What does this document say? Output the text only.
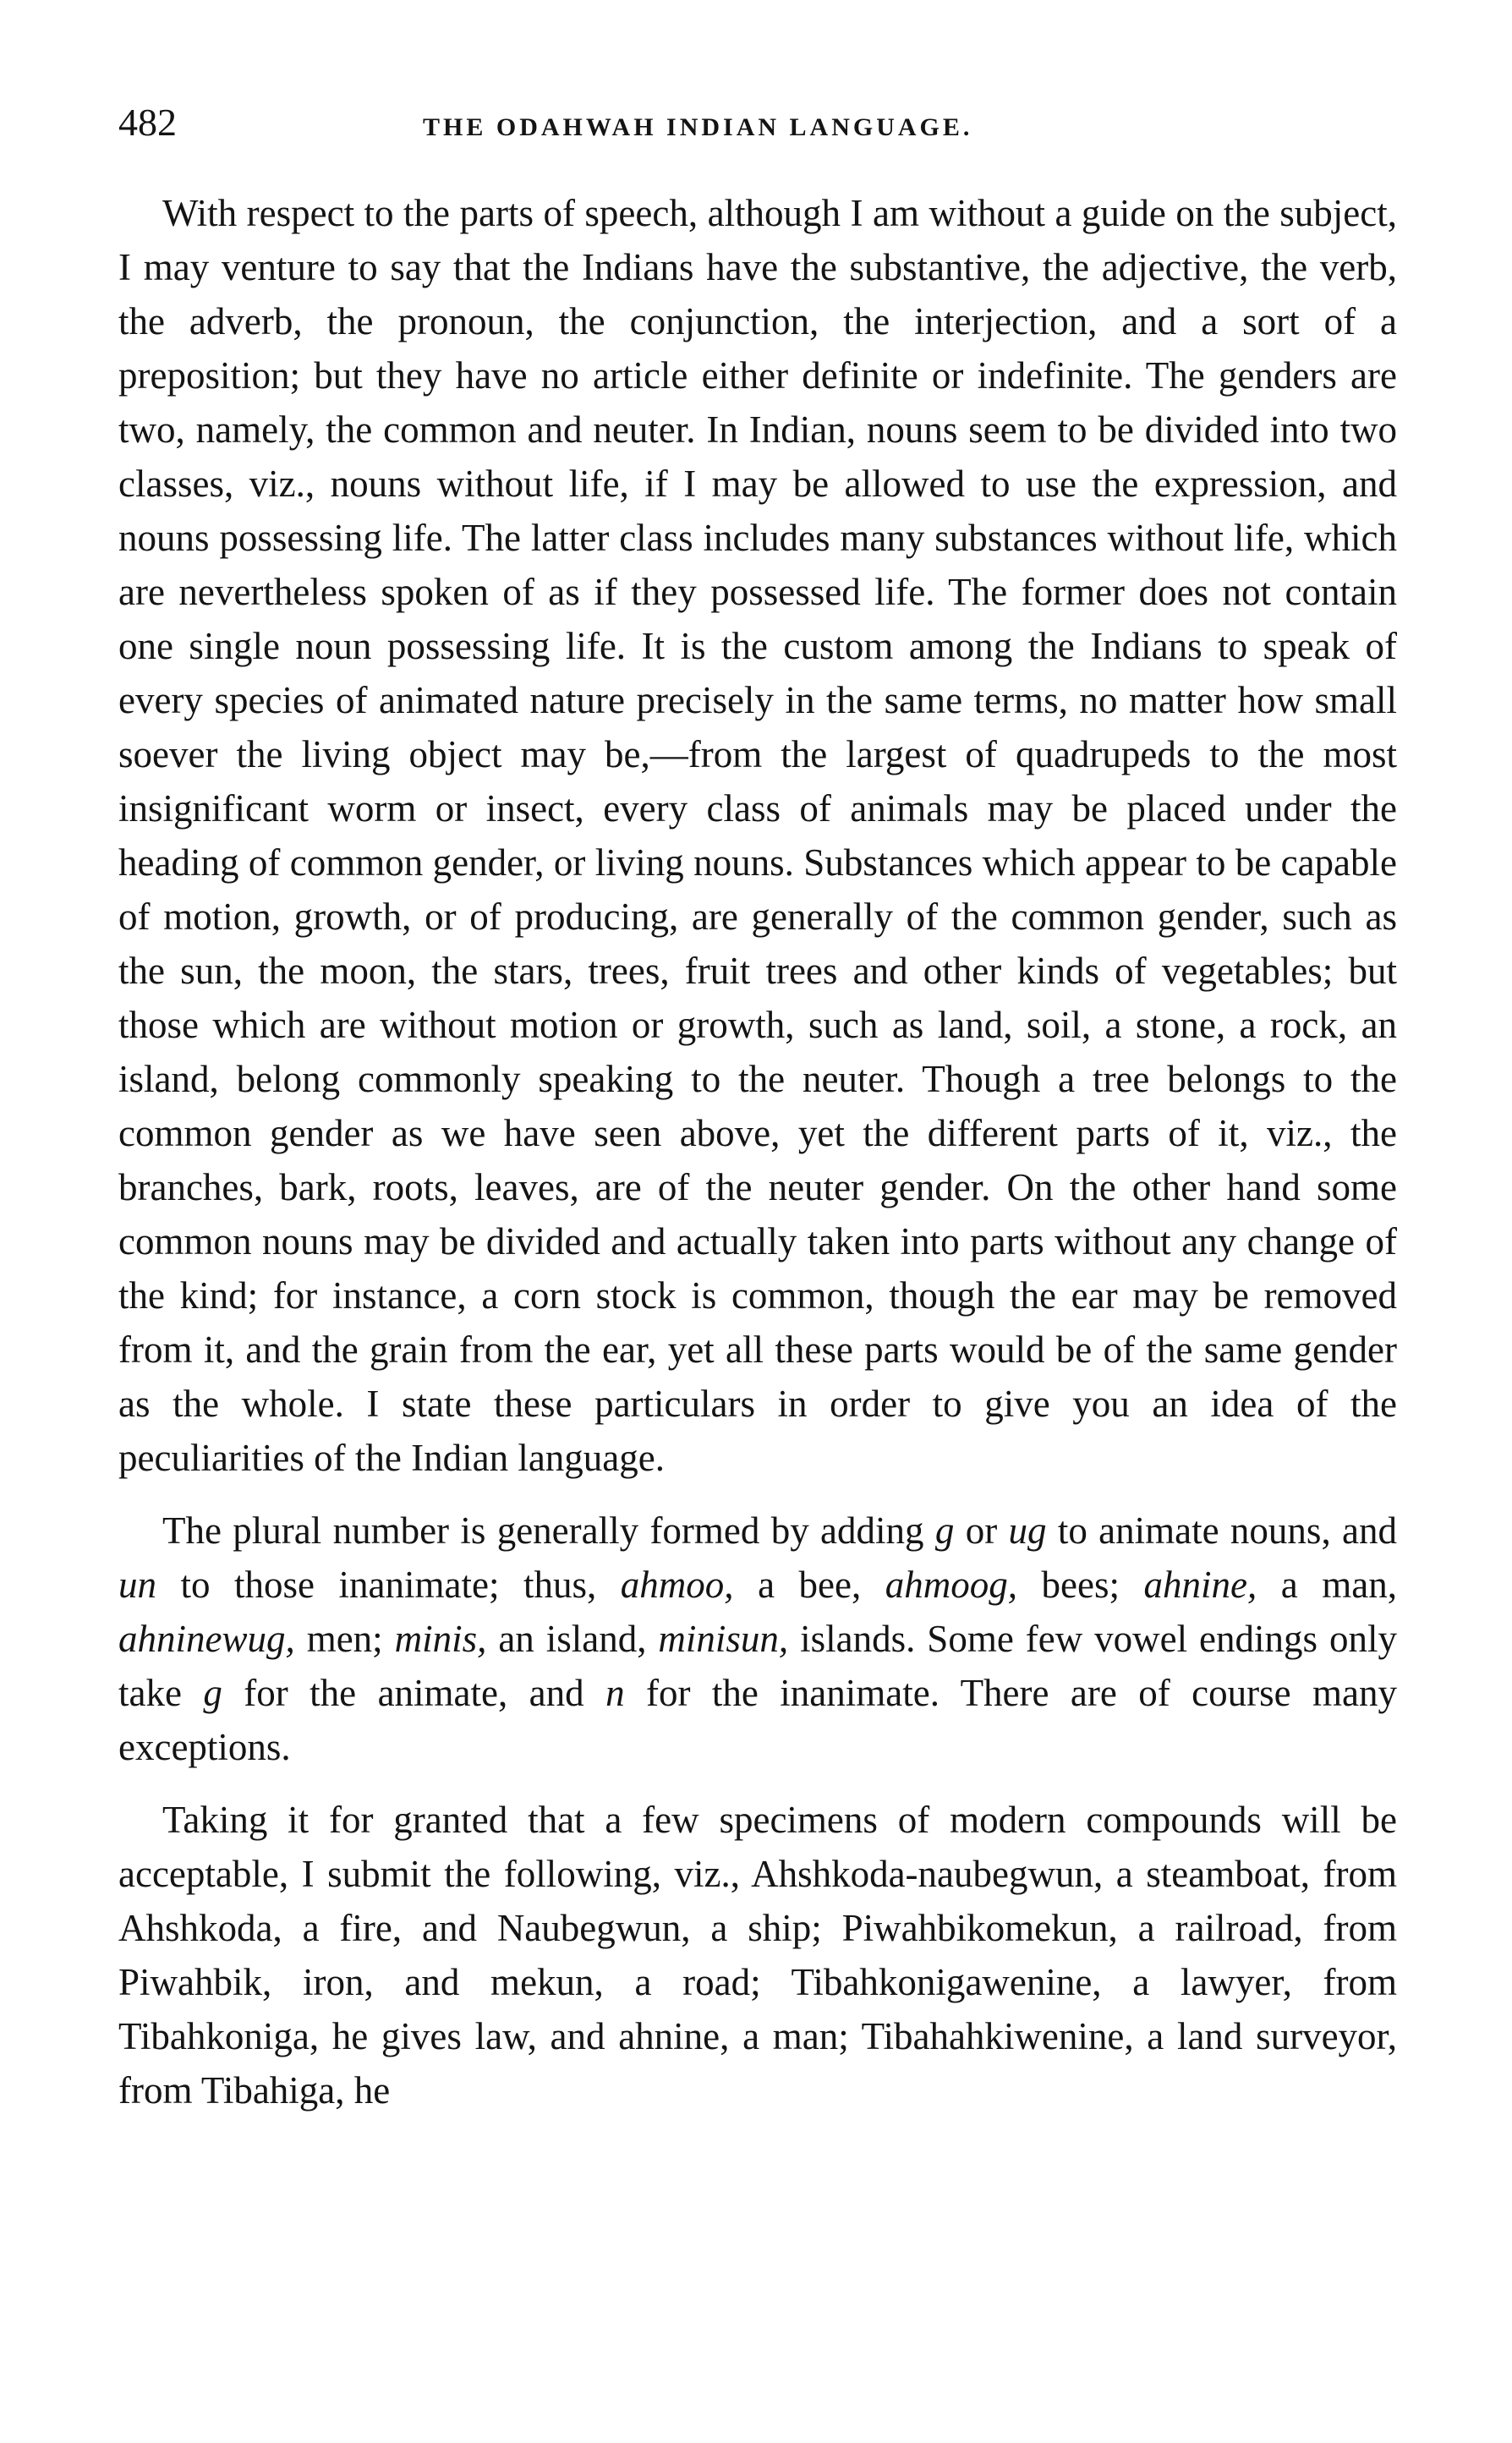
482	THE ODAHWAH INDIAN LANGUAGE.

With respect to the parts of speech, although I am without a guide on the subject, I may venture to say that the Indians have the substantive, the adjective, the verb, the adverb, the pronoun, the conjunction, the interjection, and a sort of a preposition; but they have no article either definite or indefinite. The genders are two, namely, the common and neuter. In Indian, nouns seem to be divided into two classes, viz., nouns without life, if I may be allowed to use the expression, and nouns possessing life. The latter class includes many substances without life, which are nevertheless spoken of as if they possessed life. The former does not contain one single noun possessing life. It is the custom among the Indians to speak of every species of animated nature precisely in the same terms, no matter how small soever the living object may be,—from the largest of quadrupeds to the most insignificant worm or insect, every class of animals may be placed under the heading of common gender, or living nouns. Substances which appear to be capable of motion, growth, or of producing, are generally of the common gender, such as the sun, the moon, the stars, trees, fruit trees and other kinds of vegetables; but those which are without motion or growth, such as land, soil, a stone, a rock, an island, belong commonly speaking to the neuter. Though a tree belongs to the common gender as we have seen above, yet the different parts of it, viz., the branches, bark, roots, leaves, are of the neuter gender. On the other hand some common nouns may be divided and actually taken into parts without any change of the kind; for instance, a corn stock is common, though the ear may be removed from it, and the grain from the ear, yet all these parts would be of the same gender as the whole. I state these particulars in order to give you an idea of the peculiarities of the Indian language.

The plural number is generally formed by adding g or ug to animate nouns, and un to those inanimate; thus, ahmoo, a bee, ahmoog, bees; ahnine, a man, ahninewug, men; minis, an island, minisun, islands. Some few vowel endings only take g for the animate, and n for the inanimate. There are of course many exceptions.

Taking it for granted that a few specimens of modern compounds will be acceptable, I submit the following, viz., Ahshkoda-naubegwun, a steamboat, from Ahshkoda, a fire, and Naubegwun, a ship; Piwahbikomekun, a railroad, from Piwahbik, iron, and mekun, a road; Tibahkonigawenine, a lawyer, from Tibahkoniga, he gives law, and ahnine, a man; Tibahahkiwenine, a land surveyor, from Tibahiga, he
